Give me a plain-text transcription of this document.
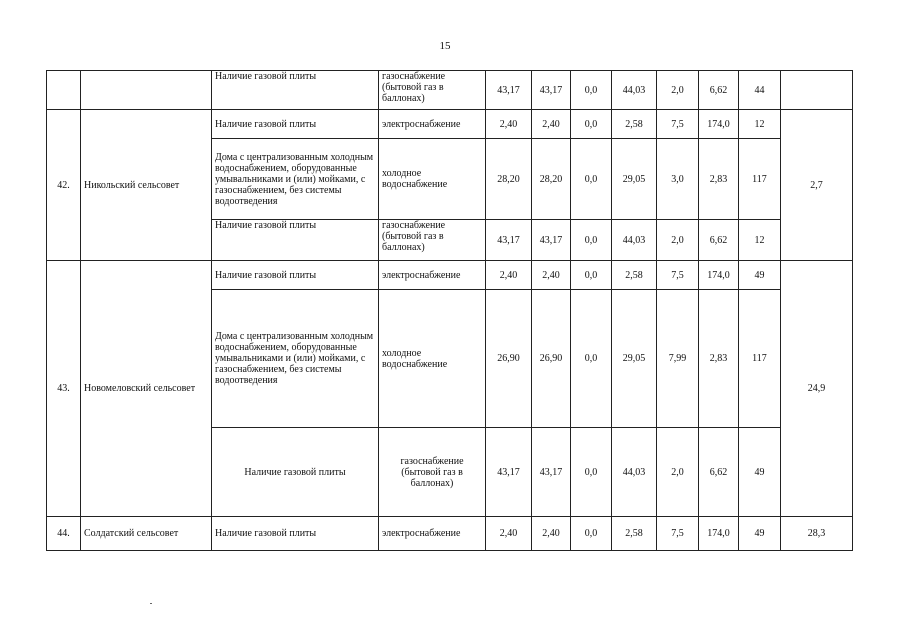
15
		Наличие газовой плиты	газоснабжение (бытовой газ в баллонах)	43,17	43,17	0,0	44,03	2,0	6,62	44	
42.	Никольский сельсовет	Наличие газовой плиты	электроснабжение	2,40	2,40	0,0	2,58	7,5	174,0	12	2,7
		Дома с централизованным холодным водоснабжением, оборудованные умывальниками и (или) мойками, с газоснабжением, без системы водоотведения	холодное водоснабжение	28,20	28,20	0,0	29,05	3,0	2,83	117	
		Наличие газовой плиты	газоснабжение (бытовой газ в баллонах)	43,17	43,17	0,0	44,03	2,0	6,62	12	
43.	Новомеловский сельсовет	Наличие газовой плиты	электроснабжение	2,40	2,40	0,0	2,58	7,5	174,0	49	24,9
		Дома с централизованным холодным водоснабжением, оборудованные умывальниками и (или) мойками, с газоснабжением, без системы водоотведения	холодное водоснабжение	26,90	26,90	0,0	29,05	7,99	2,83	117	
		Наличие газовой плиты	газоснабжение (бытовой газ в баллонах)	43,17	43,17	0,0	44,03	2,0	6,62	49	
44.	Солдатский сельсовет	Наличие газовой плиты	электроснабжение	2,40	2,40	0,0	2,58	7,5	174,0	49	28,3
